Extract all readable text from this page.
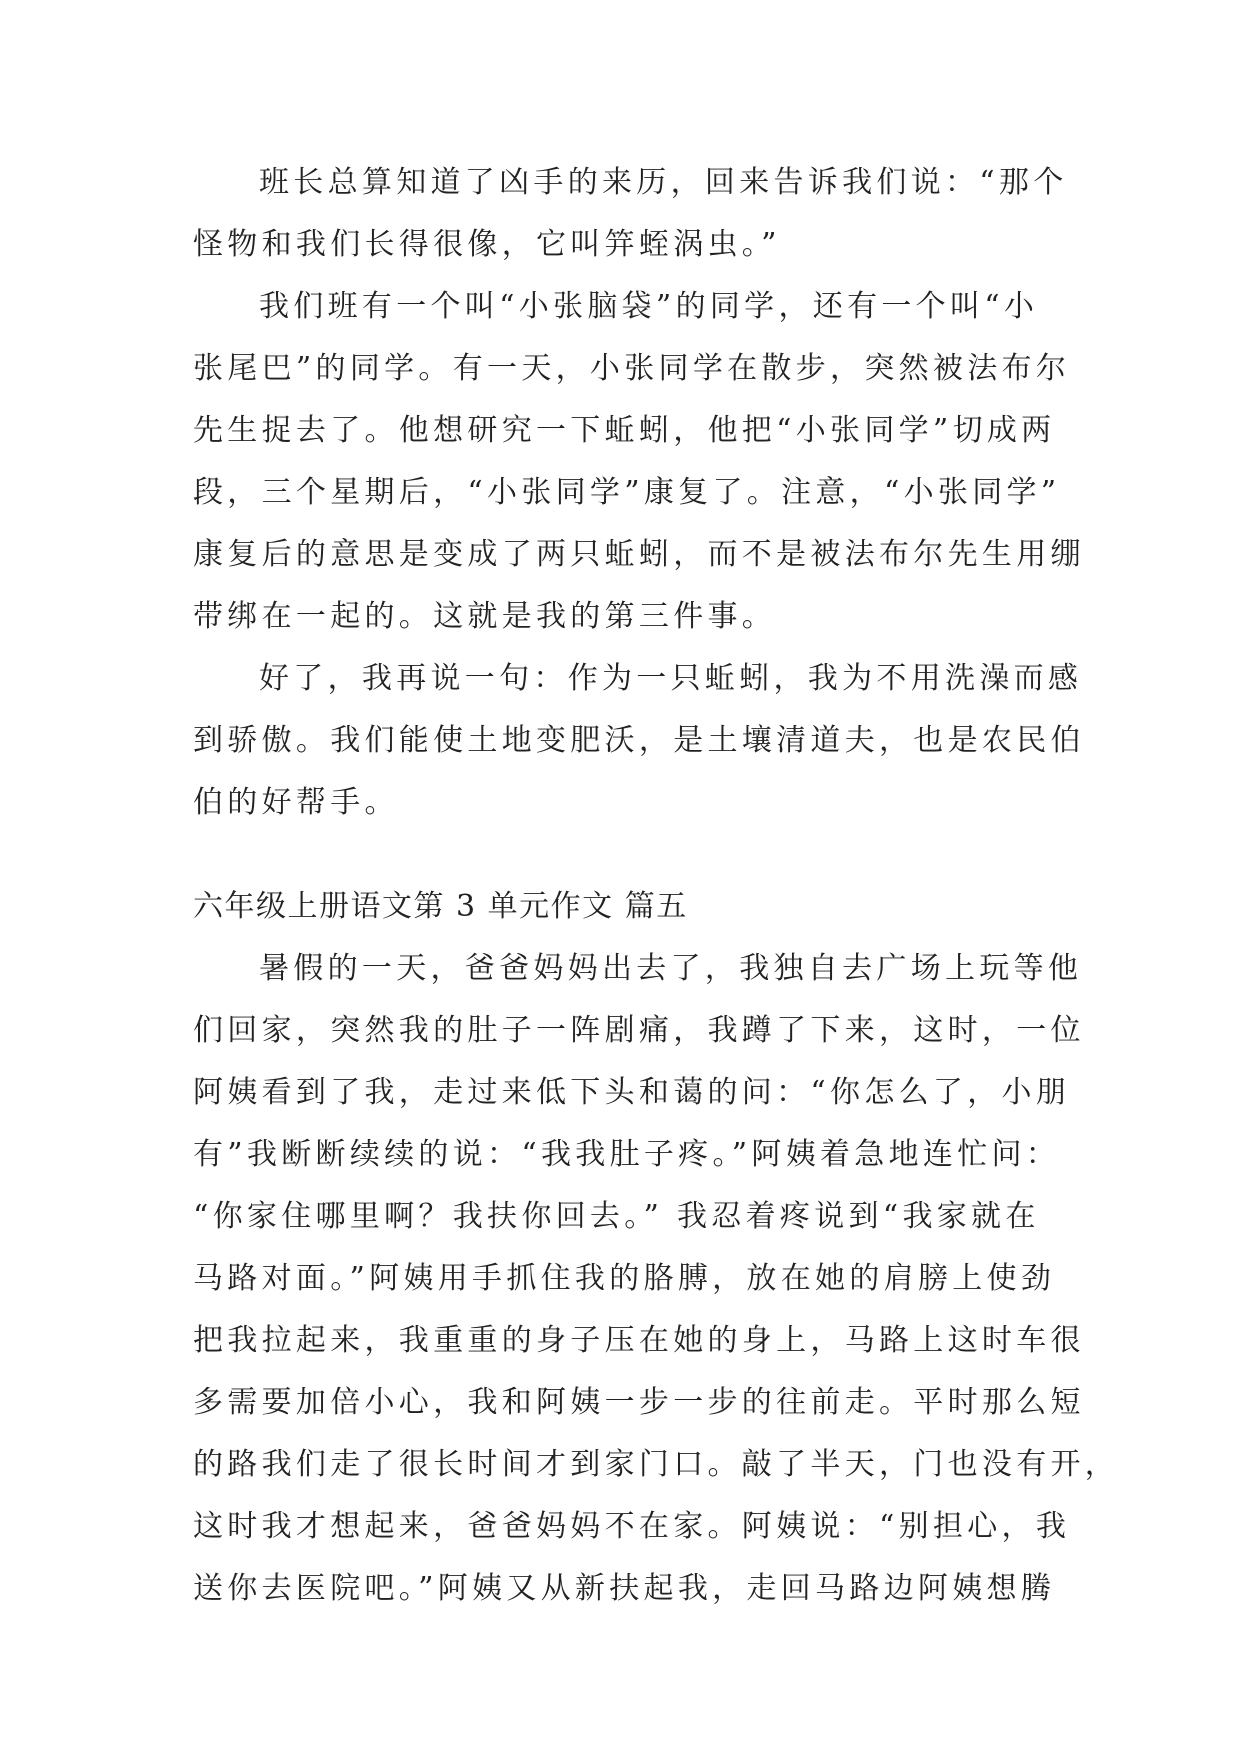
班长总算知道了凶手的来历，回来告诉我们说：“那个
怪物和我们长得很像，它叫笄蛭涡虫。”
我们班有一个叫“小张脑袋”的同学，还有一个叫“小
张尾巴”的同学。有一天，小张同学在散步，突然被法布尔
先生捉去了。他想研究一下蚯蚓，他把“小张同学”切成两
段，三个星期后，“小张同学”康复了。注意，“小张同学”
康复后的意思是变成了两只蚯蚓，而不是被法布尔先生用绷
带绑在一起的。这就是我的第三件事。
好了，我再说一句：作为一只蚯蚓，我为不用洗澡而感
到骄傲。我们能使土地变肥沃，是土壤清道夫，也是农民伯
伯的好帮手。
六年级上册语文第 3 单元作文 篇五
暑假的一天，爸爸妈妈出去了，我独自去广场上玩等他
们回家，突然我的肚子一阵剧痛，我蹲了下来，这时，一位
阿姨看到了我，走过来低下头和蔼的问：“你怎么了，小朋
有”我断断续续的说：“我我肚子疼。”阿姨着急地连忙问：
“你家住哪里啊？我扶你回去。” 我忍着疼说到“我家就在
马路对面。”阿姨用手抓住我的胳膊，放在她的肩膀上使劲
把我拉起来，我重重的身子压在她的身上，马路上这时车很
多需要加倍小心，我和阿姨一步一步的往前走。平时那么短
的路我们走了很长时间才到家门口。敲了半天，门也没有开，
这时我才想起来，爸爸妈妈不在家。阿姨说：“别担心，我
送你去医院吧。”阿姨又从新扶起我，走回马路边阿姨想腾
